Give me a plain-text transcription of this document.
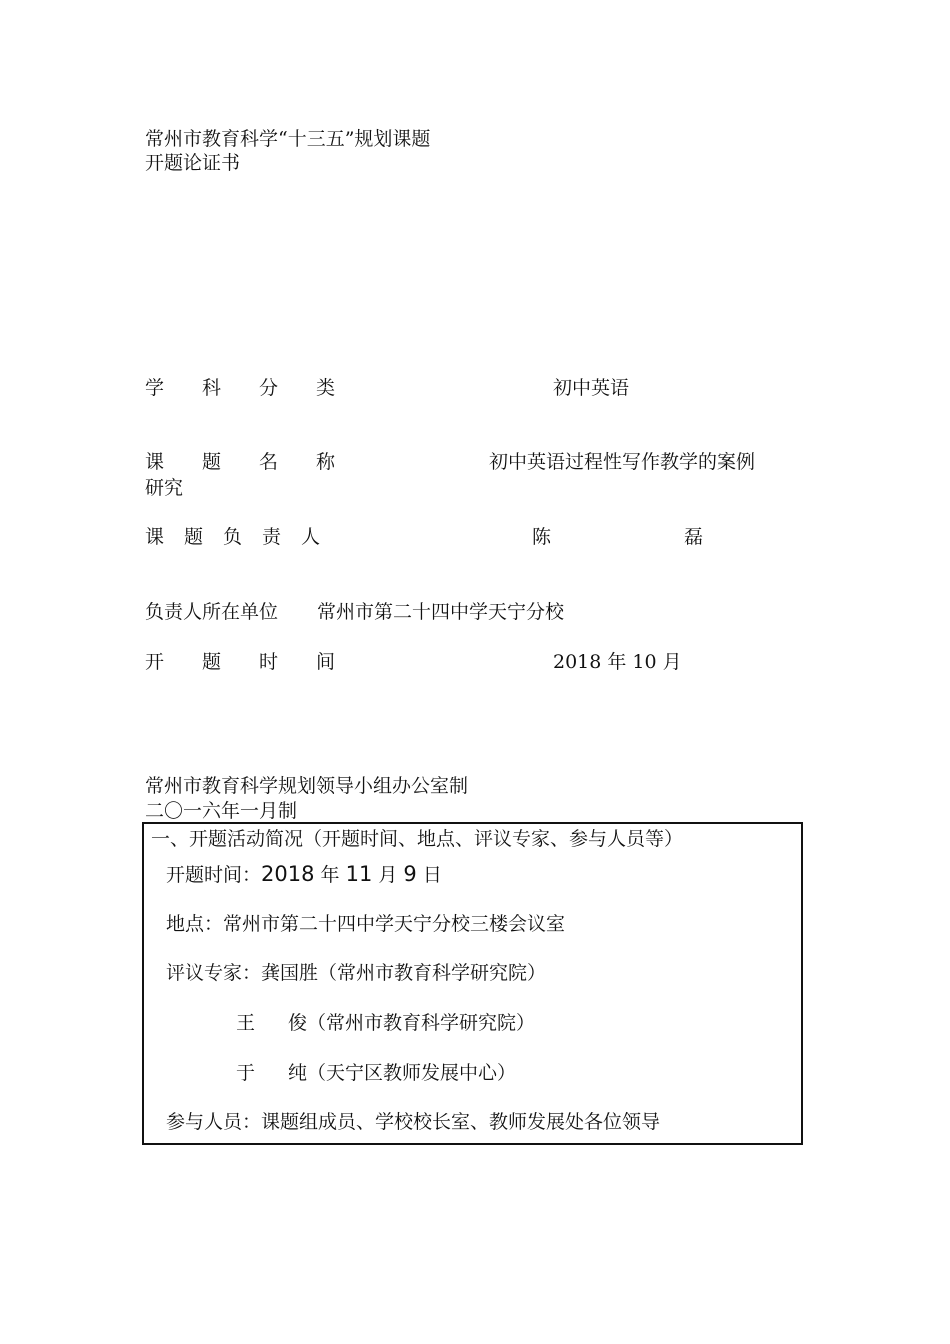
常州市教育科学“十三五”规划课题
开题论证书
学科分类	初中英语
课题名称	初中英语过程性写作教学的案例
研究
课题负责人	陈	磊
负责人所在单位 常州市第二十四中学天宁分校
开题时间	2018 年 10 月
常州市教育科学规划领导小组办公室制
二〇一六年一月制
一、开题活动简况（开题时间、地点、评议专家、参与人员等）
开题时间：2018 年 11 月 9 日
地点：常州市第二十四中学天宁分校三楼会议室
评议专家：龚国胜（常州市教育科学研究院）
王 俊（常州市教育科学研究院）
于 纯（天宁区教师发展中心）
参与人员：课题组成员、学校校长室、教师发展处各位领导
